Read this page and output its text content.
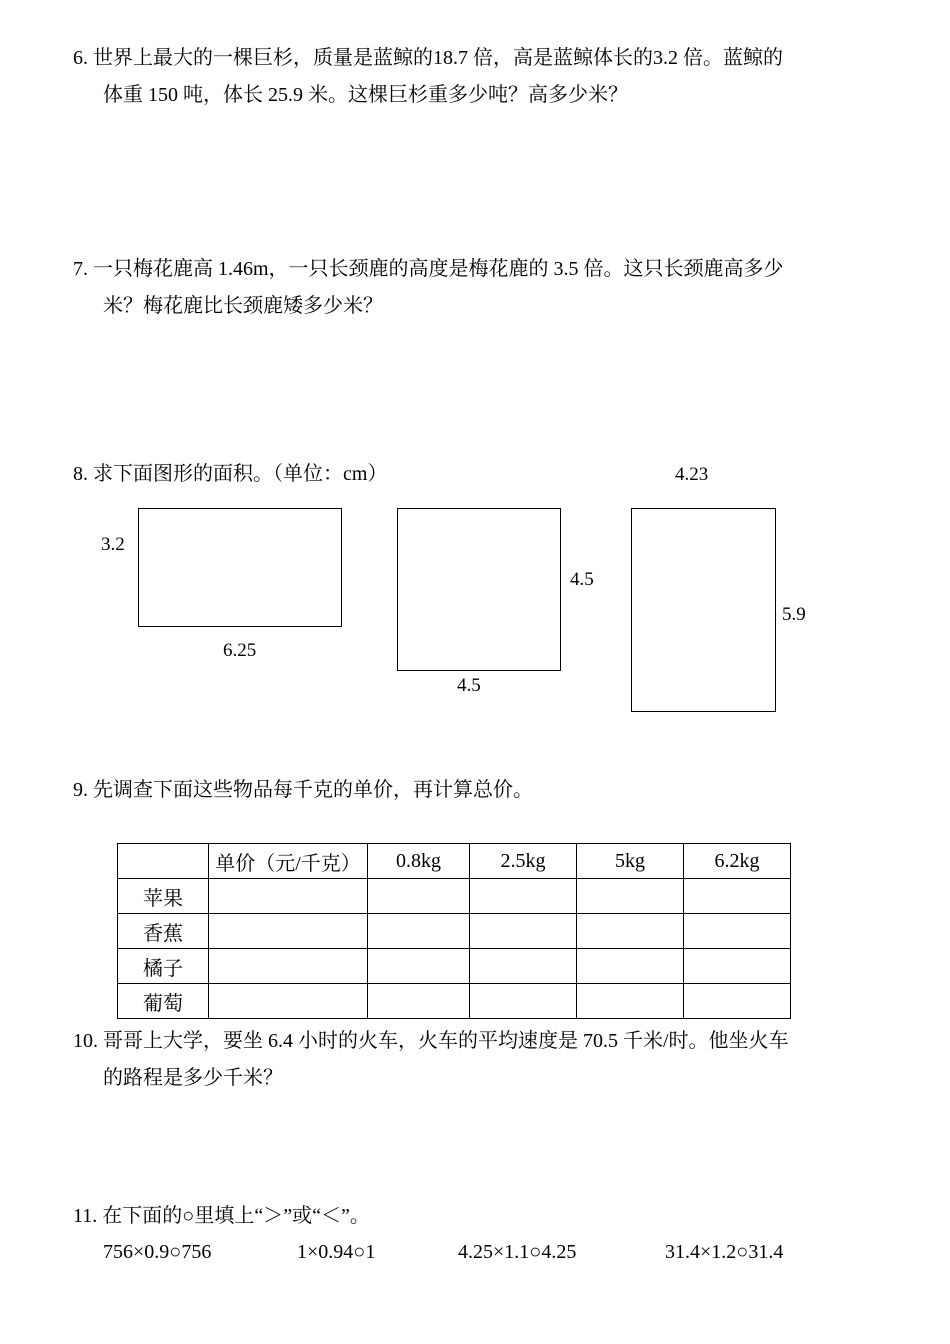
6. 世界上最大的一棵巨杉，质量是蓝鲸的18.7 倍，高是蓝鲸体长的3.2 倍。蓝鲸的
体重 150 吨，体长 25.9 米。这棵巨杉重多少吨？高多少米？
7. 一只梅花鹿高 1.46m，一只长颈鹿的高度是梅花鹿的 3.5 倍。这只长颈鹿高多少
米？梅花鹿比长颈鹿矮多少米？
8. 求下面图形的面积。（单位：cm）
3.2
6.25
4.5
4.5
4.23
5.9
9. 先调查下面这些物品每千克的单价，再计算总价。
	单价（元/千克）	0.8kg	2.5kg	5kg	6.2kg
苹果					
香蕉					
橘子					
葡萄					
10. 哥哥上大学，要坐 6.4 小时的火车，火车的平均速度是 70.5 千米/时。他坐火车
的路程是多少千米？
11. 在下面的○里填上“＞”或“＜”。
756×0.9○756	1×0.94○1	4.25×1.1○4.25	31.4×1.2○31.4
